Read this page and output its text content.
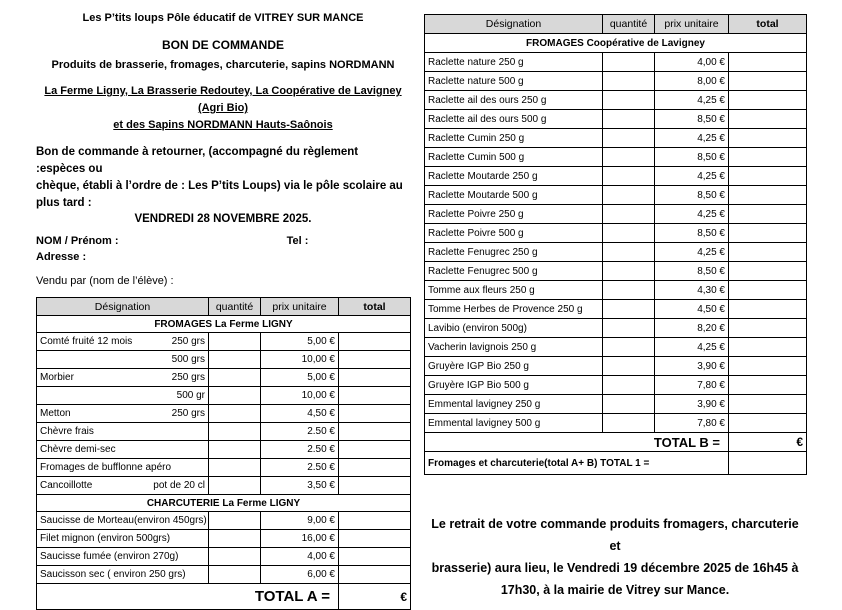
Les P’tits loups Pôle éducatif de VITREY SUR MANCE
BON DE COMMANDE
Produits de brasserie, fromages, charcuterie, sapins NORDMANN
La Ferme Ligny, La Brasserie Redoutey, La Coopérative de Lavigney (Agri Bio)
et des Sapins NORDMANN Hauts-Saônois
Bon de commande à retourner, (accompagné du règlement :espèces ou
chèque, établi à l’ordre de : Les P’tits Loups) via le pôle scolaire au plus tard :
VENDREDI 28 NOVEMBRE 2025.
NOM / Prénom :	Tel :
Adresse :
Vendu par (nom de l’élève) :
Désignation	quantité	prix unitaire	total
FROMAGES La Ferme LIGNY			

Comté fruité 12 mois 250 grs		5,00 €	

500 grs		10,00 €	

Morbier 250 grs		5,00 €	

500 gr		10,00 €	

Metton 250 grs		4,50 €	

Chèvre frais		2.50 €	

Chèvre demi-sec		2.50 €	

Fromages de bufflonne apéro		2.50 €	

Cancoillotte pot de 20 cl		3,50 €	
CHARCUTERIE La Ferme LIGNY			

Saucisse de Morteau(environ 450grs)		9,00 €	

Filet mignon (environ 500grs)		16,00 €	

Saucisse fumée (environ 270g)		4,00 €	

Saucisson sec ( environ 250 grs)		6,00 €	
TOTAL A =			€
Désignation	quantité	prix unitaire	total
FROMAGES Coopérative de Lavigney			
Raclette nature 250 g		4,00 €	
Raclette nature 500 g		8,00 €	
Raclette ail des ours 250 g		4,25 €	
Raclette ail des ours 500 g		8,50 €	
Raclette Cumin 250 g		4,25 €	
Raclette Cumin 500 g		8,50 €	
Raclette Moutarde 250 g		4,25 €	
Raclette Moutarde 500 g		8,50 €	
Raclette Poivre 250 g		4,25 €	
Raclette Poivre 500 g		8,50 €	
Raclette Fenugrec 250 g		4,25 €	
Raclette Fenugrec 500 g		8,50 €	
Tomme aux fleurs 250 g		4,30 €	
Tomme Herbes de Provence 250 g		4,50 €	
Lavibio (environ 500g)		8,20 €	
Vacherin lavignois 250 g		4,25 €	
Gruyère IGP Bio 250 g		3,90 €	
Gruyère IGP Bio 500 g		7,80 €	
Emmental lavigney 250 g		3,90 €	
Emmental lavigney 500 g		7,80 €	
TOTAL B =			€
Fromages et charcuterie(total A+ B) TOTAL 1 =			
Le retrait de votre commande produits fromagers, charcuterie et
brasserie) aura lieu, le Vendredi 19 décembre 2025 de 16h45 à
17h30, à la mairie de Vitrey sur Mance.
